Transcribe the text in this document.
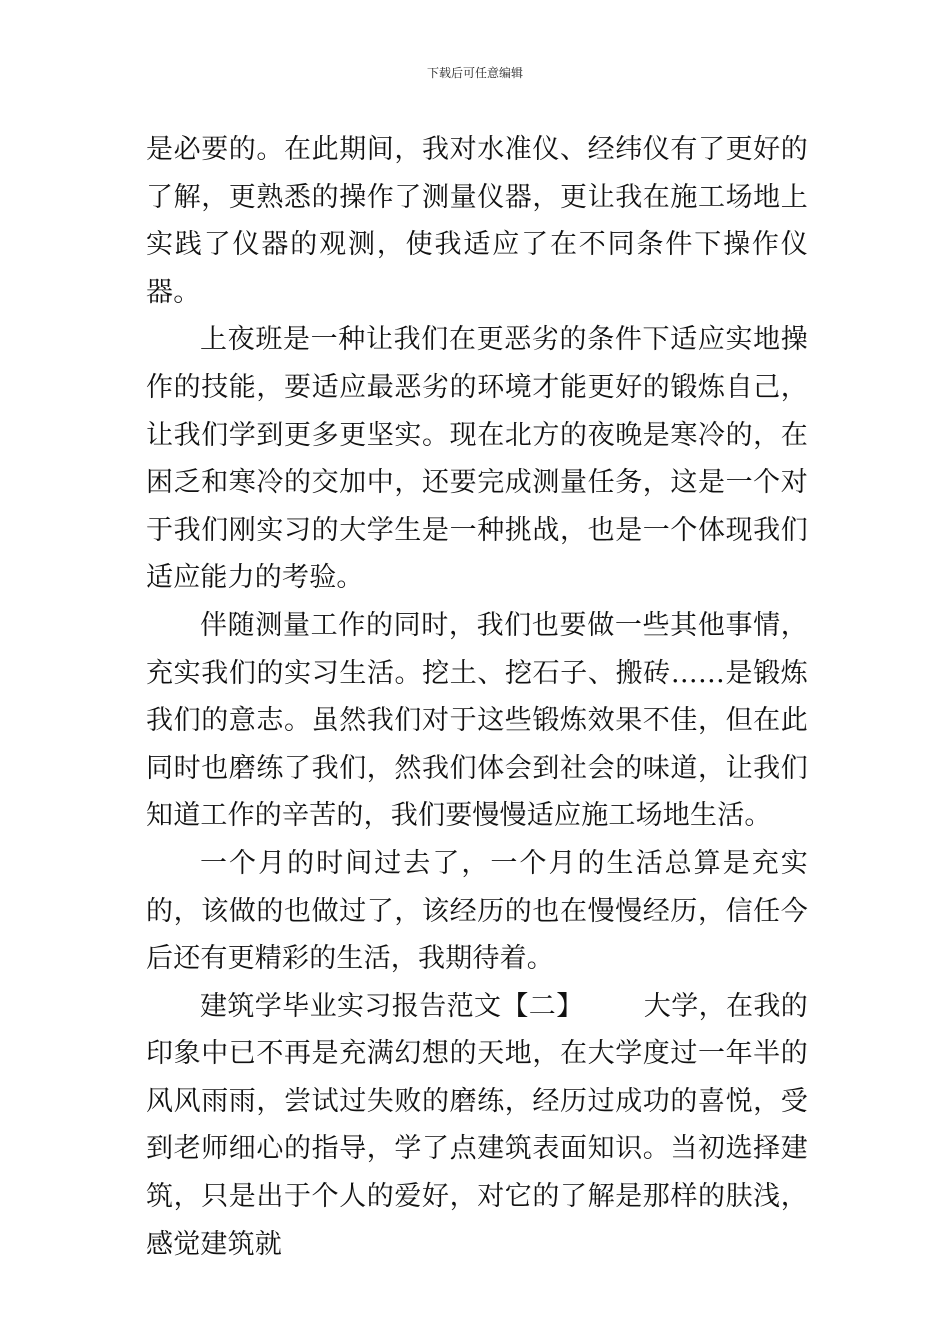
下载后可任意编辑

是必要的。在此期间，我对水准仪、经纬仪有了更好的了解，更熟悉的操作了测量仪器，更让我在施工场地上实践了仪器的观测，使我适应了在不同条件下操作仪器。

上夜班是一种让我们在更恶劣的条件下适应实地操作的技能，要适应最恶劣的环境才能更好的锻炼自己，让我们学到更多更坚实。现在北方的夜晚是寒冷的，在困乏和寒冷的交加中，还要完成测量任务，这是一个对于我们刚实习的大学生是一种挑战，也是一个体现我们适应能力的考验。

伴随测量工作的同时，我们也要做一些其他事情，充实我们的实习生活。挖土、挖石子、搬砖……是锻炼我们的意志。虽然我们对于这些锻炼效果不佳，但在此同时也磨练了我们，然我们体会到社会的味道，让我们知道工作的辛苦的，我们要慢慢适应施工场地生活。

一个月的时间过去了，一个月的生活总算是充实的，该做的也做过了，该经历的也在慢慢经历，信任今后还有更精彩的生活，我期待着。

建筑学毕业实习报告范文【二】 大学，在我的印象中已不再是充满幻想的天地，在大学度过一年半的风风雨雨，尝试过失败的磨练，经历过成功的喜悦，受到老师细心的指导，学了点建筑表面知识。当初选择建筑，只是出于个人的爱好，对它的了解是那样的肤浅，感觉建筑就
